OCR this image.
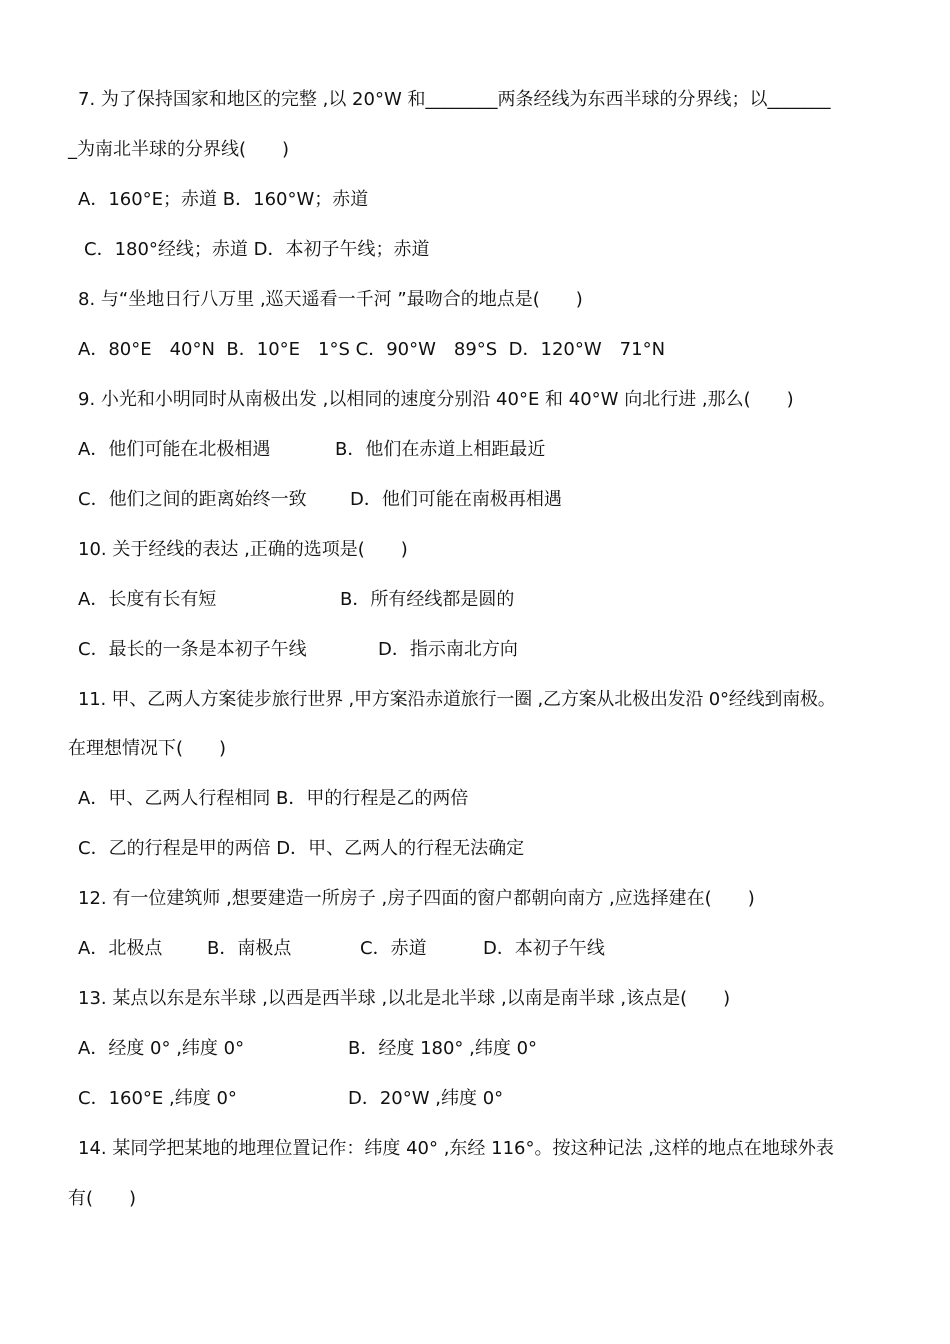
7. 为了保持国家和地区的完整 ,以 20°W 和________两条经线为东西半球的分界线；以_______
_为南北半球的分界线(　　)
A．160°E；赤道 B．160°W；赤道
C．180°经线；赤道 D．本初子午线；赤道
8. 与“坐地日行八万里 ,巡天遥看一千河 ”最吻合的地点是(　　)
A．80°E　40°N  B．10°E　1°S C．90°W　89°S  D．120°W　71°N
9. 小光和小明同时从南极出发 ,以相同的速度分别沿 40°E 和 40°W 向北行进 ,那么(　　)

A．他们可能在北极相遇

	B．他们在赤道上相距最近

C．他们之间的距离始终一致

D．他们可能在南极再相遇

10. 关于经线的表达 ,正确的选项是(　　)

A．长度有长有短

	B．所有经线都是圆的

C．最长的一条是本初子午线

	D．指示南北方向

11. 甲、乙两人方案徒步旅行世界 ,甲方案沿赤道旅行一圈 ,乙方案从北极出发沿 0°经线到南极。
在理想情况下(　　)
A．甲、乙两人行程相同 B．甲的行程是乙的两倍
C．乙的行程是甲的两倍 D．甲、乙两人的行程无法确定
12. 有一位建筑师 ,想要建造一所房子 ,房子四面的窗户都朝向南方 ,应选择建在(　　)

A．北极点

B．南极点

	C．赤道

	D．本初子午线

13. 某点以东是东半球 ,以西是西半球 ,以北是北半球 ,以南是南半球 ,该点是(　　)

A．经度 0° ,纬度 0°

	B．经度 180° ,纬度 0°

C．160°E ,纬度 0°

	D．20°W ,纬度 0°

14. 某同学把某地的地理位置记作：纬度 40° ,东经 116°。按这种记法 ,这样的地点在地球外表
有(　　)
